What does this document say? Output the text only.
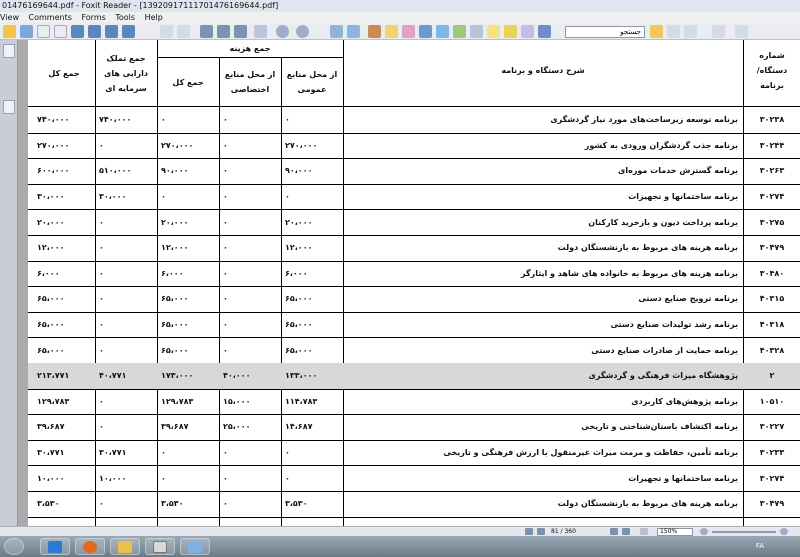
01476169644.pdf - Foxit Reader - [13920917111701476169644.pdf]
View Comments Forms Tools Help
جستجو
شماره دستگاه/ برنامه
شرح دستگاه و برنامه
جمع هزینه
از محل منابع عمومی
از محل منابع اختصاصی
جمع کل
جمع تملک دارایی های سرمایه ای
جمع کل
۳۰۲۳۸
برنامه توسعه زیرساخت‌های مورد نیاز گردشگری
۰
۰
۰
۷۴۰،۰۰۰
۷۴۰،۰۰۰
۳۰۲۴۴
برنامه جذب گردشگران ورودی به کشور
۲۷۰،۰۰۰
۰
۲۷۰،۰۰۰
۰
۲۷۰،۰۰۰
۳۰۲۶۳
برنامه گسترش خدمات موزه‌ای
۹۰،۰۰۰
۰
۹۰،۰۰۰
۵۱۰،۰۰۰
۶۰۰،۰۰۰
۳۰۲۷۴
برنامه ساختمانها و تجهیزات
۰
۰
۰
۳۰،۰۰۰
۳۰،۰۰۰
۳۰۲۷۵
برنامه پرداخت دیون و بازخرید کارکنان
۲۰،۰۰۰
۰
۲۰،۰۰۰
۰
۲۰،۰۰۰
۳۰۴۷۹
برنامه هزینه های مربوط به بازنشستگان دولت
۱۲،۰۰۰
۰
۱۲،۰۰۰
۰
۱۲،۰۰۰
۳۰۴۸۰
برنامه هزینه های مربوط به خانواده های شاهد و ایثارگر
۶،۰۰۰
۰
۶،۰۰۰
۰
۶،۰۰۰
۴۰۳۱۵
برنامه ترویج صنایع دستی
۶۵،۰۰۰
۰
۶۵،۰۰۰
۰
۶۵،۰۰۰
۴۰۳۱۸
برنامه رشد تولیدات صنایع دستی
۶۵،۰۰۰
۰
۶۵،۰۰۰
۰
۶۵،۰۰۰
۴۰۳۲۸
برنامه حمایت از صادرات صنایع دستی
۶۵،۰۰۰
۰
۶۵،۰۰۰
۰
۶۵،۰۰۰
۲
پژوهشگاه میراث فرهنگی و گردشگری
۱۳۳،۰۰۰
۴۰،۰۰۰
۱۷۳،۰۰۰
۴۰،۷۷۱
۲۱۳،۷۷۱
۱۰۵۱۰
برنامه پژوهش‌های کاربردی
۱۱۴،۷۸۳
۱۵،۰۰۰
۱۲۹،۷۸۳
۰
۱۲۹،۷۸۳
۳۰۲۲۷
برنامه اکتشاف باستان‌شناختی و تاریخی
۱۴،۶۸۷
۲۵،۰۰۰
۳۹،۶۸۷
۰
۳۹،۶۸۷
۳۰۲۳۳
برنامه تأمین، حفاظت و مرمت میراث غیرمنقول با ارزش فرهنگی و تاریخی
۰
۰
۰
۳۰،۷۷۱
۳۰،۷۷۱
۳۰۲۷۴
برنامه ساختمانها و تجهیزات
۰
۰
۰
۱۰،۰۰۰
۱۰،۰۰۰
۳۰۴۷۹
برنامه هزینه های مربوط به بازنشستگان دولت
۳،۵۳۰
۰
۳،۵۳۰
۰
۳،۵۳۰
81 / 360	150%
FA
